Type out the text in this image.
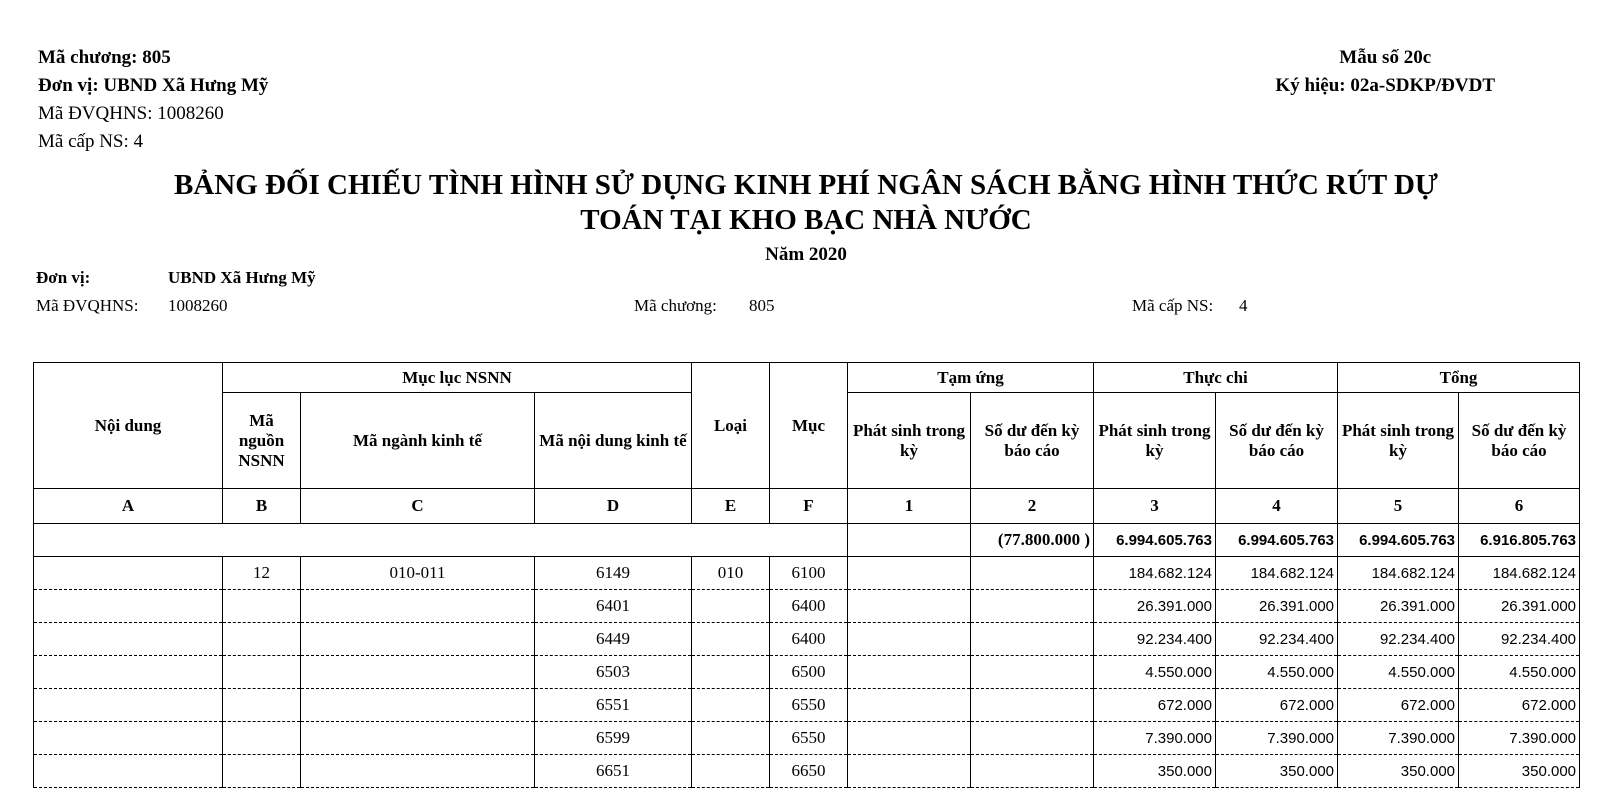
Mã chương: 805
Đơn vị: UBND Xã Hưng Mỹ
Mã ĐVQHNS: 1008260
Mã cấp NS: 4
Mẫu số 20c
Ký hiệu: 02a-SDKP/ĐVDT
BẢNG ĐỐI CHIẾU TÌNH HÌNH SỬ DỤNG KINH PHÍ NGÂN SÁCH BẰNG HÌNH THỨC RÚT DỰ
TOÁN TẠI KHO BẠC NHÀ NƯỚC
Năm 2020
Đơn vị:	UBND Xã Hưng Mỹ
Mã ĐVQHNS: 1008260	Mã chương: 805	Mã cấp NS: 4
Nội dung	Mục lục NSNN			Loại	Mục	Tạm ứng		Thực chi		Tổng	
	Mã nguồn NSNN	Mã ngành kinh tế	Mã nội dung kinh tế			Phát sinh trong kỳ	Số dư đến kỳ báo cáo	Phát sinh trong kỳ	Số dư đến kỳ báo cáo	Phát sinh trong kỳ	Số dư đến kỳ báo cáo
A	B	C	D	E	F	1	2	3	4	5	6
							(77.800.000 )	6.994.605.763	6.994.605.763	6.994.605.763	6.916.805.763
	12	010-011	6149	010	6100			184.682.124	184.682.124	184.682.124	184.682.124
			6401		6400			26.391.000	26.391.000	26.391.000	26.391.000
			6449		6400			92.234.400	92.234.400	92.234.400	92.234.400
			6503		6500			4.550.000	4.550.000	4.550.000	4.550.000
			6551		6550			672.000	672.000	672.000	672.000
			6599		6550			7.390.000	7.390.000	7.390.000	7.390.000
			6651		6650			350.000	350.000	350.000	350.000
